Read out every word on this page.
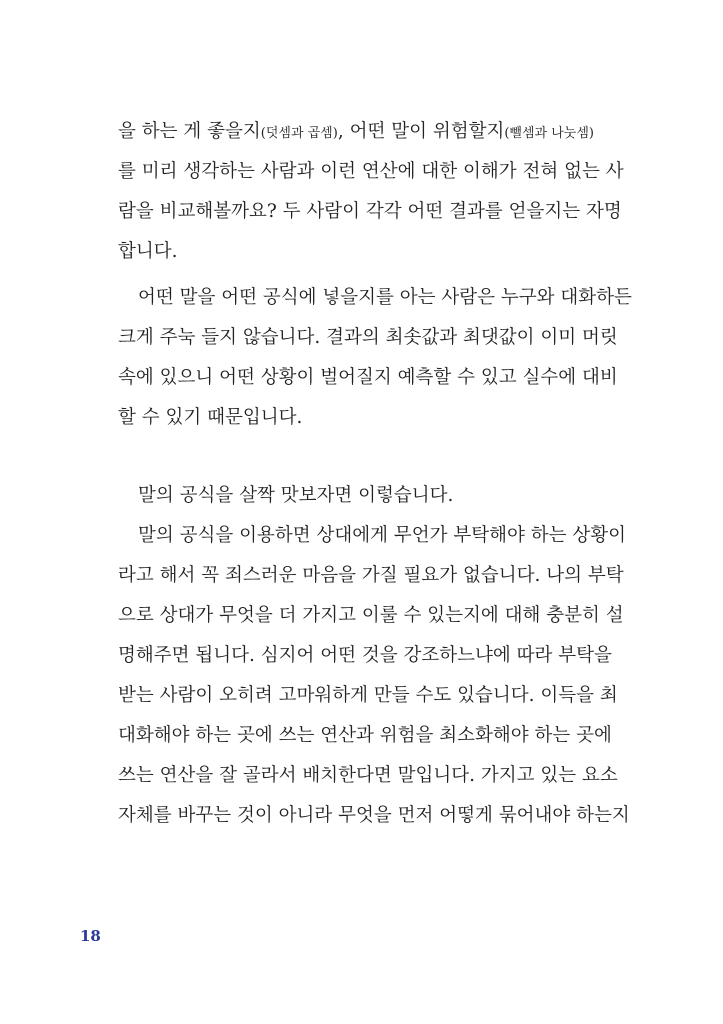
을 하는 게 좋을지(덧셈과 곱셈), 어떤 말이 위험할지(뺄셈과 나눗셈)
를 미리 생각하는 사람과 이런 연산에 대한 이해가 전혀 없는 사
람을 비교해볼까요? 두 사람이 각각 어떤 결과를 얻을지는 자명
합니다.
어떤 말을 어떤 공식에 넣을지를 아는 사람은 누구와 대화하든
크게 주눅 들지 않습니다. 결과의 최솟값과 최댓값이 이미 머릿
속에 있으니 어떤 상황이 벌어질지 예측할 수 있고 실수에 대비
할 수 있기 때문입니다.
말의 공식을 살짝 맛보자면 이렇습니다.
말의 공식을 이용하면 상대에게 무언가 부탁해야 하는 상황이
라고 해서 꼭 죄스러운 마음을 가질 필요가 없습니다. 나의 부탁
으로 상대가 무엇을 더 가지고 이룰 수 있는지에 대해 충분히 설
명해주면 됩니다. 심지어 어떤 것을 강조하느냐에 따라 부탁을
받는 사람이 오히려 고마워하게 만들 수도 있습니다. 이득을 최
대화해야 하는 곳에 쓰는 연산과 위험을 최소화해야 하는 곳에
쓰는 연산을 잘 골라서 배치한다면 말입니다. 가지고 있는 요소
자체를 바꾸는 것이 아니라 무엇을 먼저 어떻게 묶어내야 하는지
18
